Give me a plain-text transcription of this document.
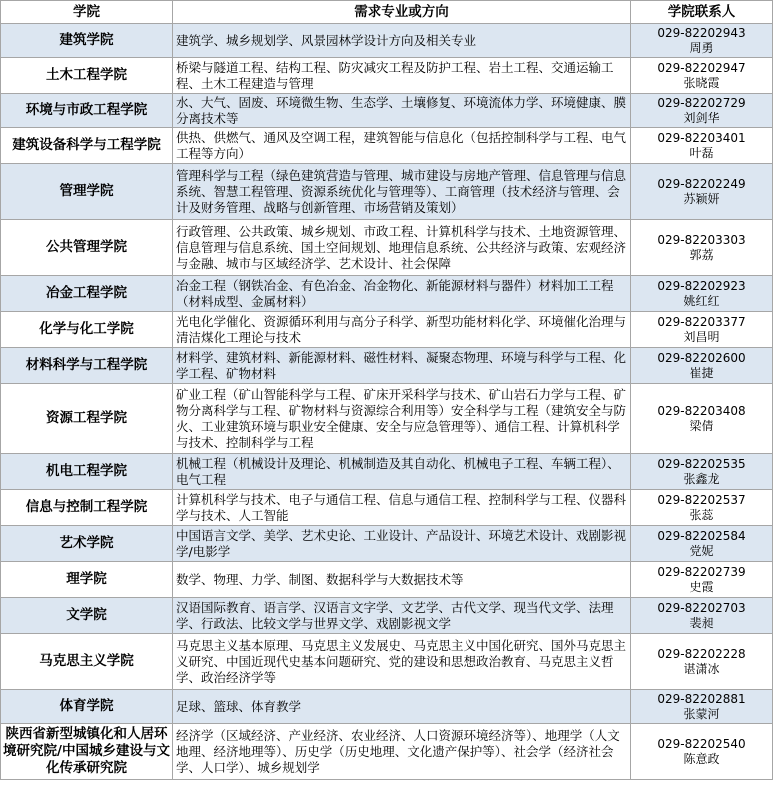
学院	需求专业或方向	学院联系人
建筑学院	建筑学、城乡规划学、风景园林学设计方向及相关专业	029-82202943
周勇

土木工程学院	桥梁与隧道工程、结构工程、防灾减灾工程及防护工程、岩土工程、交通运输工程、土木工程建造与管理	029-82202947
张晓霞

环境与市政工程学院	水、大气、固废、环境微生物、生态学、土壤修复、环境流体力学、环境健康、膜分离技术等	029-82202729
刘剑华

建筑设备科学与工程学院	供热、供燃气、通风及空调工程，建筑智能与信息化（包括控制科学与工程、电气工程等方向）	029-82203401
叶磊

管理学院	管理科学与工程（绿色建筑营造与管理、城市建设与房地产管理、信息管理与信息系统、智慧工程管理、资源系统优化与管理等）、工商管理（技术经济与管理、会计及财务管理、战略与创新管理、市场营销及策划）	029-82202249
苏颖妍

公共管理学院	行政管理、公共政策、城乡规划、市政工程、计算机科学与技术、土地资源管理、信息管理与信息系统、国土空间规划、地理信息系统、公共经济与政策、宏观经济与金融、城市与区域经济学、艺术设计、社会保障	029-82203303
郭荔

冶金工程学院	冶金工程（钢铁冶金、有色冶金、冶金物化、新能源材料与器件）材料加工工程（材料成型、金属材料）	029-82202923
姚红红

化学与化工学院	光电化学催化、资源循环利用与高分子科学、新型功能材料化学、环境催化治理与清洁煤化工理论与技术	029-82203377
刘昌明

材料科学与工程学院	材料学、建筑材料、新能源材料、磁性材料、凝聚态物理、环境与科学与工程、化学工程、矿物材料	029-82202600
崔捷

资源工程学院	矿业工程（矿山智能科学与工程、矿床开采科学与技术、矿山岩石力学与工程、矿物分离科学与工程、矿物材料与资源综合利用等）安全科学与工程（建筑安全与防火、工业建筑环境与职业安全健康、安全与应急管理等）、通信工程、计算机科学与技术、控制科学与工程	029-82203408
梁倩

机电工程学院	机械工程（机械设计及理论、机械制造及其自动化、机械电子工程、车辆工程）、电气工程	029-82202535
张鑫龙

信息与控制工程学院	计算机科学与技术、电子与通信工程、信息与通信工程、控制科学与工程、仪器科学与技术、人工智能	029-82202537
张蕊

艺术学院	中国语言文学、美学、艺术史论、工业设计、产品设计、环境艺术设计、戏剧影视学/电影学	029-82202584
党妮

理学院	数学、物理、力学、制图、数据科学与大数据技术等	029-82202739
史霞

文学院	汉语国际教育、语言学、汉语言文字学、文艺学、古代文学、现当代文学、法理学、行政法、比较文学与世界文学、戏剧影视文学	029-82202703
裴昶

马克思主义学院	马克思主义基本原理、马克思主义发展史、马克思主义中国化研究、国外马克思主义研究、中国近现代史基本问题研究、党的建设和思想政治教育、马克思主义哲学、政治经济学等	029-82202228
谌潇冰

体育学院	足球、篮球、体育教学	029-82202881
张蒙河

陕西省新型城镇化和人居环境研究院/中国城乡建设与文化传承研究院	经济学（区域经济、产业经济、农业经济、人口资源环境经济等）、地理学（人文地理、经济地理等）、历史学（历史地理、文化遗产保护等）、社会学（经济社会学、人口学）、城乡规划学	029-82202540
陈意政
